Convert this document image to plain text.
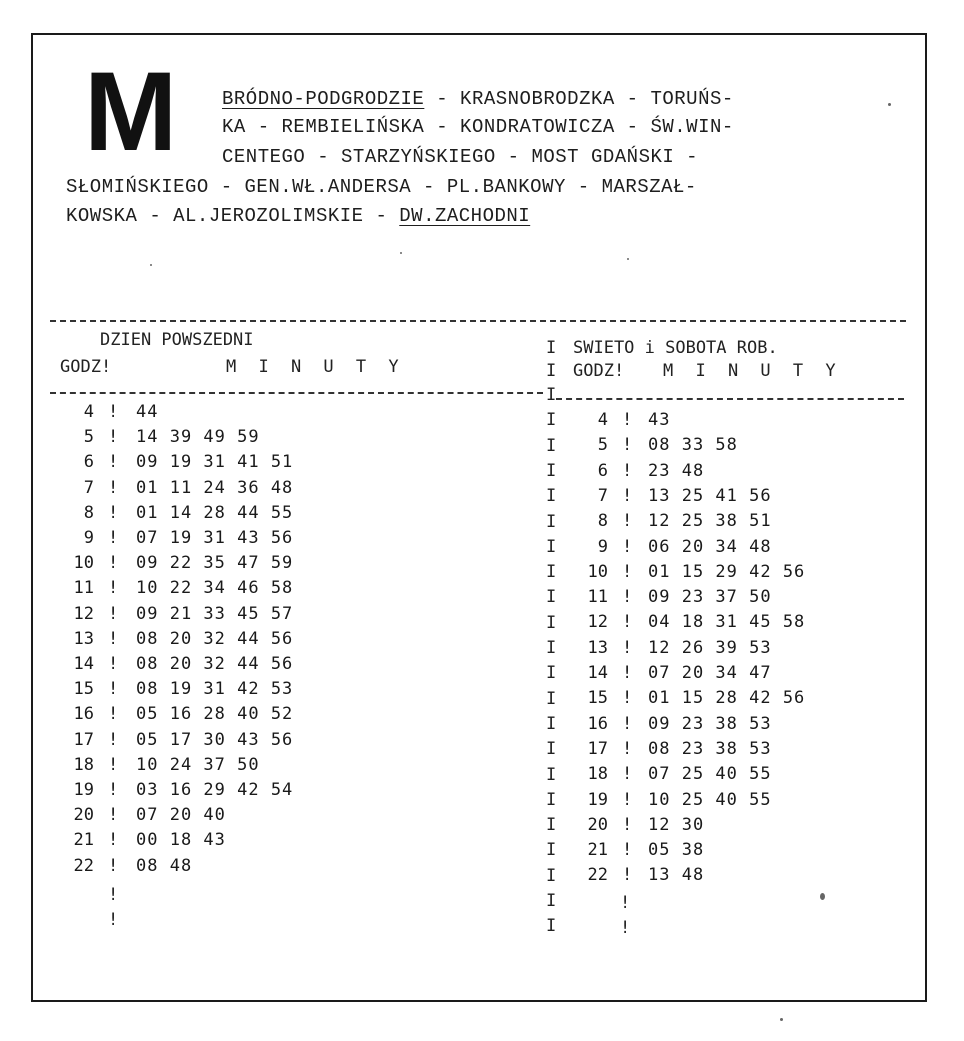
M BRÓDNO-PODGRODZIE - KRASNOBRODZKA - TORUŃS-
KA - REMBIELIŃSKA - KONDRATOWICZA - ŚW.WIN-
CENTEGO - STARZYŃSKIEGO - MOST GDAŃSKI -
SŁOMIŃSKIEGO - GEN.WŁ.ANDERSA - PL.BANKOWY - MARSZAŁ-
KOWSKA - AL.JEROZOLIMSKIE - DW.ZACHODNI
DZIEN POWSZEDNI
GODZ!	M I N U T Y
SWIETO i SOBOTA ROB.
GODZ! M I N U T Y
I
I
4 ! 44
5 ! 14 39 49 59
6 ! 09 19 31 41 51
7 ! 01 11 24 36 48
8 ! 01 14 28 44 55
9 ! 07 19 31 43 56
10 ! 09 22 35 47 59
11 ! 10 22 34 46 58
12 ! 09 21 33 45 57
13 ! 08 20 32 44 56
14 ! 08 20 32 44 56
15 ! 08 19 31 42 53
16 ! 05 16 28 40 52
17 ! 05 17 30 43 56
18 ! 10 24 37 50
19 ! 03 16 29 42 54
20 ! 07 20 40
21 ! 00 18 43
22 ! 08 48
4 ! 43
5 ! 08 33 58
6 ! 23 48
7 ! 13 25 41 56
8 ! 12 25 38 51
9 ! 06 20 34 48
10 ! 01 15 29 42 56
11 ! 09 23 37 50
12 ! 04 18 31 45 58
13 ! 12 26 39 53
14 ! 07 20 34 47
15 ! 01 15 28 42 56
16 ! 09 23 38 53
17 ! 08 23 38 53
18 ! 07 25 40 55
19 ! 10 25 40 55
20 ! 12 30
21 ! 05 38
22 ! 13 48
I
I
I
I
I
I
I
I
I
I
I
I
I
I
I
I
I
I
I
I
I
I
!
!
!
!
